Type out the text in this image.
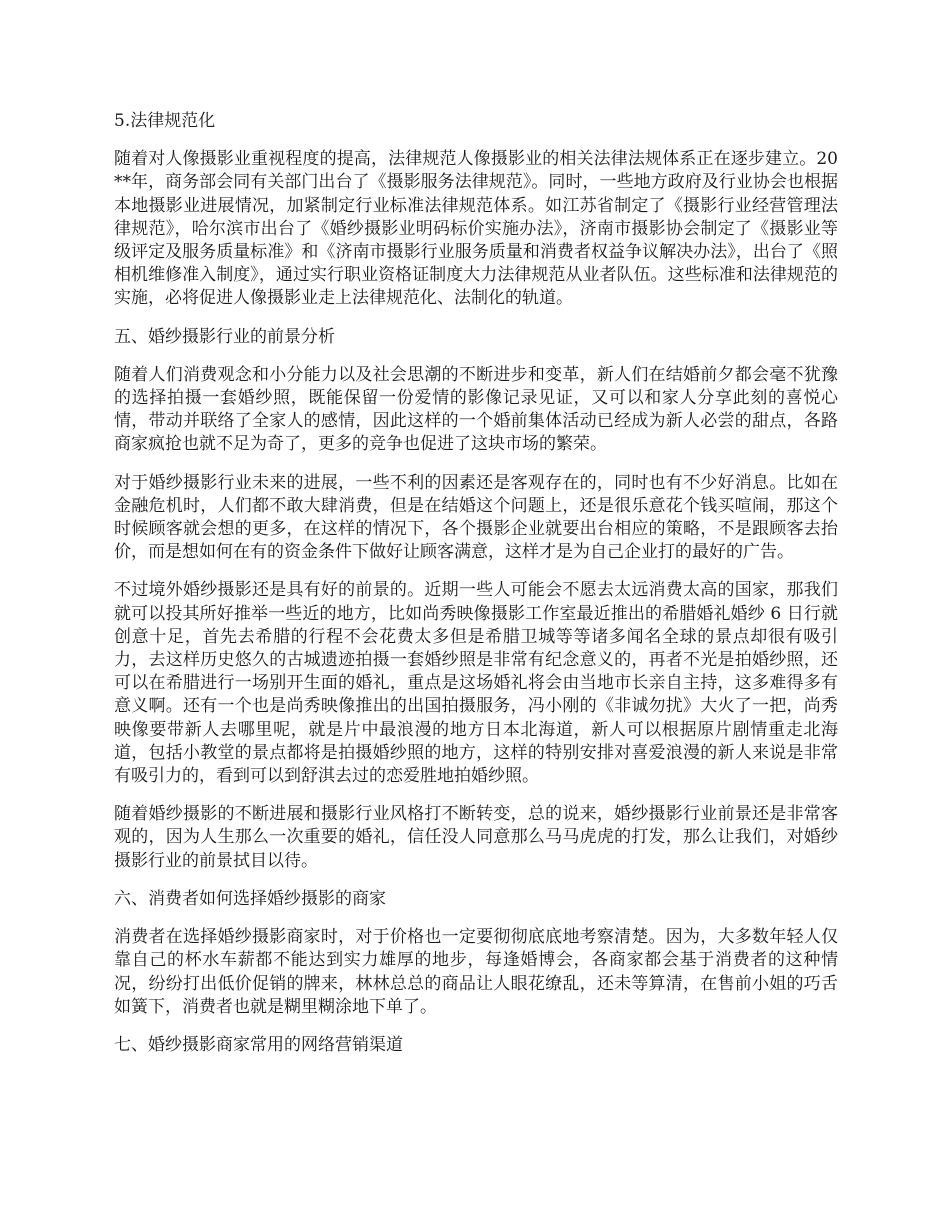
5.法律规范化
随着对人像摄影业重视程度的提高，法律规范人像摄影业的相关法律法规体系正在逐步建立。20**年，商务部会同有关部门出台了《摄影服务法律规范》。同时，一些地方政府及行业协会也根据本地摄影业进展情况，加紧制定行业标准法律规范体系。如江苏省制定了《摄影行业经营管理法律规范》，哈尔滨市出台了《婚纱摄影业明码标价实施办法》，济南市摄影协会制定了《摄影业等级评定及服务质量标准》和《济南市摄影行业服务质量和消费者权益争议解决办法》，出台了《照相机维修准入制度》，通过实行职业资格证制度大力法律规范从业者队伍。这些标准和法律规范的实施，必将促进人像摄影业走上法律规范化、法制化的轨道。
五、婚纱摄影行业的前景分析
随着人们消费观念和小分能力以及社会思潮的不断进步和变革，新人们在结婚前夕都会毫不犹豫的选择拍摄一套婚纱照，既能保留一份爱情的影像记录见证，又可以和家人分享此刻的喜悦心情，带动并联络了全家人的感情，因此这样的一个婚前集体活动已经成为新人必尝的甜点，各路商家疯抢也就不足为奇了，更多的竞争也促进了这块市场的繁荣。
对于婚纱摄影行业未来的进展，一些不利的因素还是客观存在的，同时也有不少好消息。比如在金融危机时，人们都不敢大肆消费，但是在结婚这个问题上，还是很乐意花个钱买喧闹，那这个时候顾客就会想的更多，在这样的情况下，各个摄影企业就要出台相应的策略，不是跟顾客去抬价，而是想如何在有的资金条件下做好让顾客满意，这样才是为自己企业打的最好的广告。
不过境外婚纱摄影还是具有好的前景的。近期一些人可能会不愿去太远消费太高的国家，那我们就可以投其所好推举一些近的地方，比如尚秀映像摄影工作室最近推出的希腊婚礼婚纱 6 日行就创意十足，首先去希腊的行程不会花费太多但是希腊卫城等等诸多闻名全球的景点却很有吸引力，去这样历史悠久的古城遗迹拍摄一套婚纱照是非常有纪念意义的，再者不光是拍婚纱照，还可以在希腊进行一场别开生面的婚礼，重点是这场婚礼将会由当地市长亲自主持，这多难得多有意义啊。还有一个也是尚秀映像推出的出国拍摄服务，冯小刚的《非诚勿扰》大火了一把，尚秀映像要带新人去哪里呢，就是片中最浪漫的地方日本北海道，新人可以根据原片剧情重走北海道，包括小教堂的景点都将是拍摄婚纱照的地方，这样的特别安排对喜爱浪漫的新人来说是非常有吸引力的，看到可以到舒淇去过的恋爱胜地拍婚纱照。
随着婚纱摄影的不断进展和摄影行业风格打不断转变，总的说来，婚纱摄影行业前景还是非常客观的，因为人生那么一次重要的婚礼，信任没人同意那么马马虎虎的打发，那么让我们，对婚纱摄影行业的前景拭目以待。
六、消费者如何选择婚纱摄影的商家
消费者在选择婚纱摄影商家时，对于价格也一定要彻彻底底地考察清楚。因为，大多数年轻人仅靠自己的杯水车薪都不能达到实力雄厚的地步，每逢婚博会，各商家都会基于消费者的这种情况，纷纷打出低价促销的牌来，林林总总的商品让人眼花缭乱，还未等算清，在售前小姐的巧舌如簧下，消费者也就是糊里糊涂地下单了。
七、婚纱摄影商家常用的网络营销渠道
